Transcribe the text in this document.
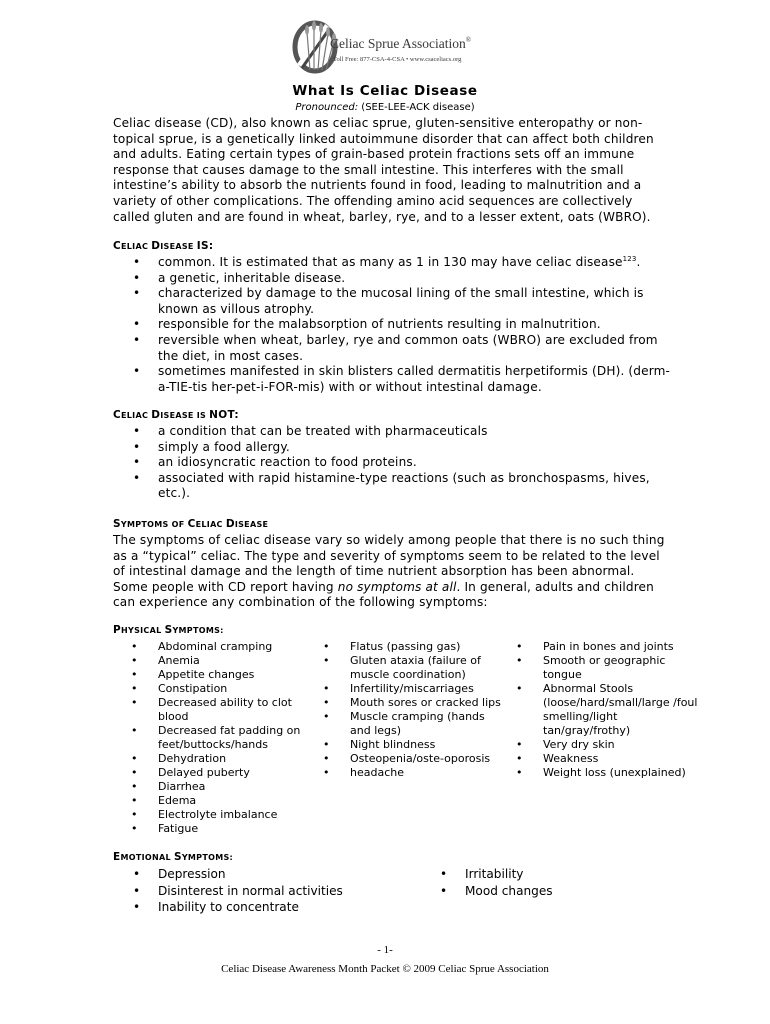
Celiac Sprue Association®
Toll Free: 877-CSA-4-CSA • www.csaceliacs.org
What Is Celiac Disease
Pronounced: (SEE-LEE-ACK disease)
Celiac disease (CD), also known as celiac sprue, gluten-sensitive enteropathy or non-topical sprue, is a genetically linked autoimmune disorder that can affect both children and adults. Eating certain types of grain-based protein fractions sets off an immune response that causes damage to the small intestine. This interferes with the small intestine’s ability to absorb the nutrients found in food, leading to malnutrition and a variety of other complications. The offending amino acid sequences are collectively called gluten and are found in wheat, barley, rye, and to a lesser extent, oats (WBRO).
CELIAC DISEASE IS:
• common. It is estimated that as many as 1 in 130 may have celiac disease$^{123}$.
• a genetic, inheritable disease.
• characterized by damage to the mucosal lining of the small intestine, which is known as villous atrophy.
• responsible for the malabsorption of nutrients resulting in malnutrition.
• reversible when wheat, barley, rye and common oats (WBRO) are excluded from the diet, in most cases.
• sometimes manifested in skin blisters called dermatitis herpetiformis (DH). (derm-a-TIE-tis her-pet-i-FOR-mis) with or without intestinal damage.
CELIAC DISEASE IS NOT:
• a condition that can be treated with pharmaceuticals
• simply a food allergy.
• an idiosyncratic reaction to food proteins.
• associated with rapid histamine-type reactions (such as bronchospasms, hives, etc.).
SYMPTOMS OF CELIAC DISEASE
The symptoms of celiac disease vary so widely among people that there is no such thing as a “typical” celiac. The type and severity of symptoms seem to be related to the level of intestinal damage and the length of time nutrient absorption has been abnormal. Some people with CD report having no symptoms at all. In general, adults and children can experience any combination of the following symptoms:
PHYSICAL SYMPTOMS:
• Abdominal cramping
• Anemia
• Appetite changes
• Constipation
• Decreased ability to clot blood
• Decreased fat padding on feet/buttocks/hands
• Dehydration
• Delayed puberty
• Diarrhea
• Edema
• Electrolyte imbalance
• Fatigue
• Flatus (passing gas)
• Gluten ataxia (failure of muscle coordination)
• Infertility/miscarriages
• Mouth sores or cracked lips
• Muscle cramping (hands and legs)
• Night blindness
• Osteopenia/oste-oporosis
• headache
• Pain in bones and joints
• Smooth or geographic tongue
• Abnormal Stools (loose/hard/small/large /foul smelling/light tan/gray/frothy)
• Very dry skin
• Weakness
• Weight loss (unexplained)
EMOTIONAL SYMPTOMS:
• Depression
• Disinterest in normal activities
• Inability to concentrate
• Irritability
• Mood changes
- 1-
Celiac Disease Awareness Month Packet © 2009 Celiac Sprue Association
